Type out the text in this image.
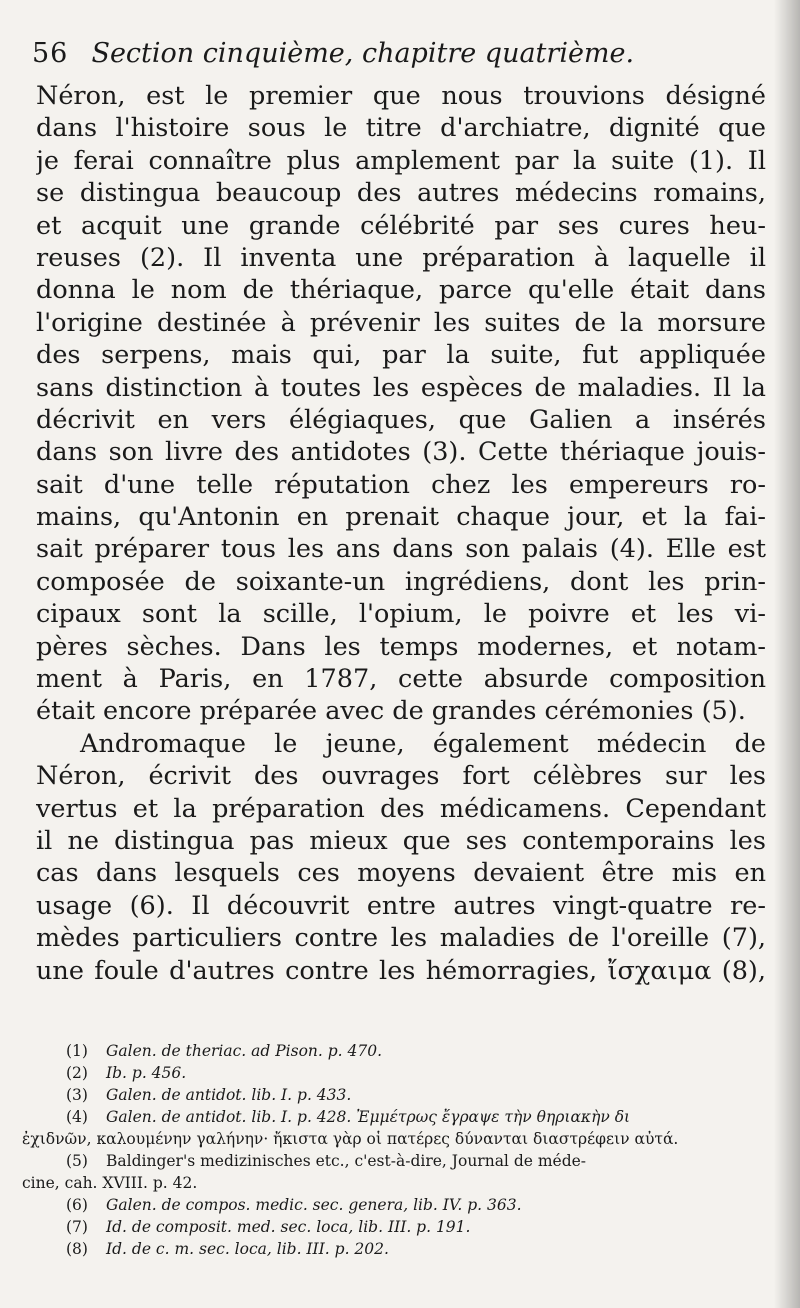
56 Section cinquième, chapitre quatrième.
Néron, est le premier que nous trouvions désigné
dans l'histoire sous le titre d'archiatre, dignité que
je ferai connaître plus amplement par la suite (1). Il
se distingua beaucoup des autres médecins romains,
et acquit une grande célébrité par ses cures heu-
reuses (2). Il inventa une préparation à laquelle il
donna le nom de thériaque, parce qu'elle était dans
l'origine destinée à prévenir les suites de la morsure
des serpens, mais qui, par la suite, fut appliquée
sans distinction à toutes les espèces de maladies. Il la
décrivit en vers élégiaques, que Galien a insérés
dans son livre des antidotes (3). Cette thériaque jouis-
sait d'une telle réputation chez les empereurs ro-
mains, qu'Antonin en prenait chaque jour, et la fai-
sait préparer tous les ans dans son palais (4). Elle est
composée de soixante-un ingrédiens, dont les prin-
cipaux sont la scille, l'opium, le poivre et les vi-
pères sèches. Dans les temps modernes, et notam-
ment à Paris, en 1787, cette absurde composition
était encore préparée avec de grandes cérémonies (5).
Andromaque le jeune, également médecin de
Néron, écrivit des ouvrages fort célèbres sur les
vertus et la préparation des médicamens. Cependant
il ne distingua pas mieux que ses contemporains les
cas dans lesquels ces moyens devaient être mis en
usage (6). Il découvrit entre autres vingt-quatre re-
mèdes particuliers contre les maladies de l'oreille (7),
une foule d'autres contre les hémorragies, ἴσχαιμα (8),
(1) Galen. de theriac. ad Pison. p. 470.
(2) Ib. p. 456.
(3) Galen. de antidot. lib. I. p. 433.
(4) Galen. de antidot. lib. I. p. 428. Ἐμμέτρως ἔγραψε τὴν θηριακὴν δι
ἐχιδνῶν, καλουμένην γαλήνην· ἤκιστα γὰρ οἱ πατέρες δύνανται διαστρέφειν αὐτά.
(5) Baldinger's medizinisches etc., c'est-à-dire, Journal de méde-
cine, cah. XVIII. p. 42.
(6) Galen. de compos. medic. sec. genera, lib. IV. p. 363.
(7) Id. de composit. med. sec. loca, lib. III. p. 191.
(8) Id. de c. m. sec. loca, lib. III. p. 202.
